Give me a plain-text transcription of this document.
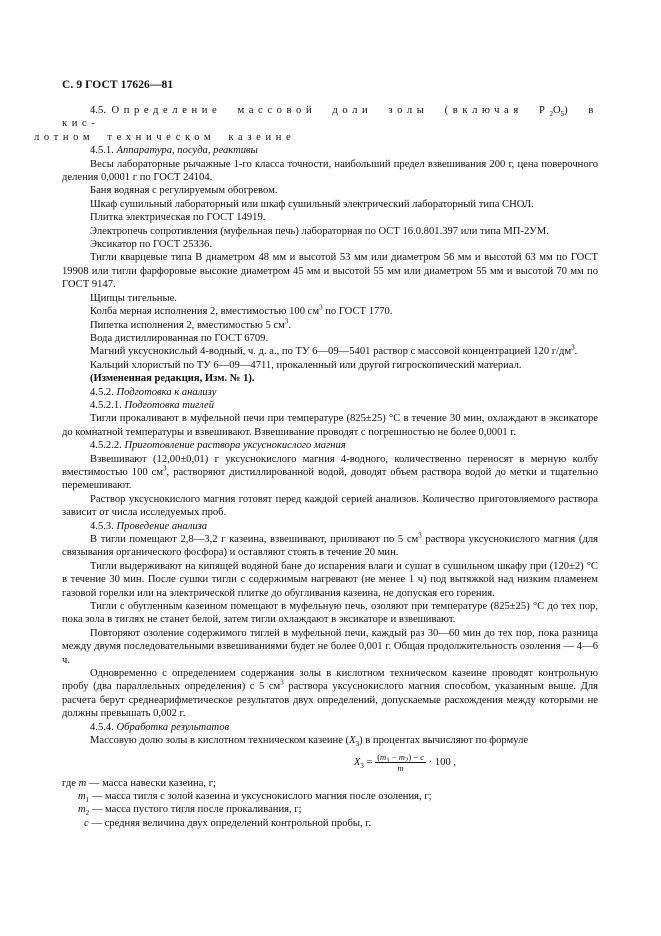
С. 9 ГОСТ 17626—81

4.5. Определение массовой доли золы (включая $P_2O_5$) в кис-
лотном техническом казеине

4.5.1. Аппаратура, посуда, реактивы

Весы лабораторные рычажные 1-го класса точности, наибольший предел взвешивания 200 г, цена поверочного деления 0,0001 г по ГОСТ 24104.

Баня водяная с регулируемым обогревом.

Шкаф сушильный лабораторный или шкаф сушильный электрический лабораторный типа СНОЛ.

Плитка электрическая по ГОСТ 14919.

Электропечь сопротивления (муфельная печь) лабораторная по ОСТ 16.0.801.397 или типа МП-2УМ.

Эксикатор по ГОСТ 25336.

Тигли кварцевые типа В диаметром 48 мм и высотой 53 мм или диаметром 56 мм и высотой 63 мм по ГОСТ 19908 или тигли фарфоровые высокие диаметром 45 мм и высотой 55 мм или диаметром 55 мм и высотой 70 мм по ГОСТ 9147.

Щипцы тигельные.

Колба мерная исполнения 2, вместимостью 100 $см^3$ по ГОСТ 1770.

Пипетка исполнения 2, вместимостью 5 $см^3$.

Вода дистиллированная по ГОСТ 6709.

Магний уксуснокислый 4-водный, ч. д. а., по ТУ 6—09—5401 раствор с массовой концентрацией 120 $г/дм^3$.

Кальций хлористый по ТУ 6—09—4711, прокаленный или другой гигроскопический материал.

(Измененная редакция, Изм. № 1).

4.5.2. Подготовка к анализу

4.5.2.1. Подготовка тиглей

Тигли прокаливают в муфельной печи при температуре (825±25) °С в течение 30 мин, охлаждают в эксикаторе до комнатной температуры и взвешивают. Взвешивание проводят с погрешностью не более 0,0001 г.

4.5.2.2. Приготовление раствора уксуснокислого магния

Взвешивают (12,00±0,01) г уксуснокислого магния 4-водного, количественно переносят в мерную колбу вместимостью 100 $см^3$, растворяют дистиллированной водой, доводят объем раствора водой до метки и тщательно перемешивают.

Раствор уксуснокислого магния готовят перед каждой серией анализов. Количество приготовляемого раствора зависит от числа исследуемых проб.

4.5.3. Проведение анализа

В тигли помещают 2,8—3,2 г казеина, взвешивают, приливают по 5 $см^3$ раствора уксуснокислого магния (для связывания органического фосфора) и оставляют стоять в течение 20 мин.

Тигли выдерживают на кипящей водяной бане до испарения влаги и сушат в сушильном шкафу при (120±2) °С в течение 30 мин. После сушки тигли с содержимым нагревают (не менее 1 ч) под вытяжкой над низким пламенем газовой горелки или на электрической плитке до обугливания казеина, не допуская его горения.

Тигли с обугленным казеином помещают в муфельную печь, озоляют при температуре (825±25) °С до тех пор, пока зола в тиглях не станет белой, затем тигли охлаждают в эксикаторе и взвешивают.

Повторяют озоление содержимого тиглей в муфельной печи, каждый раз 30—60 мин до тех пор, пока разница между двумя последовательными взвешиваниями будет не более 0,001 г. Общая продолжительность озоления — 4—6 ч.

Одновременно с определением содержания золы в кислотном техническом казеине проводят контрольную пробу (два параллельных определения) с 5 $см^3$ раствора уксуснокислого магния способом, указанным выше. Для расчета берут среднеарифметическое результатов двух определений, допускаемые расхождения между которыми не должны превышать 0,002 г.

4.5.4. Обработка результатов

Массовую долю золы в кислотном техническом казеине $(X_3)$ в процентах вычисляют по формуле

$X_3 = \frac{(m_1 - m_2) - c}{m} \cdot 100$ ,

где m — масса навески казеина, г;

$m_1$ — масса тигля с золой казеина и уксуснокислого магния после озоления, г;

$m_2$ — масса пустого тигля после прокаливания, г;

c — средняя величина двух определений контрольной пробы, г.
